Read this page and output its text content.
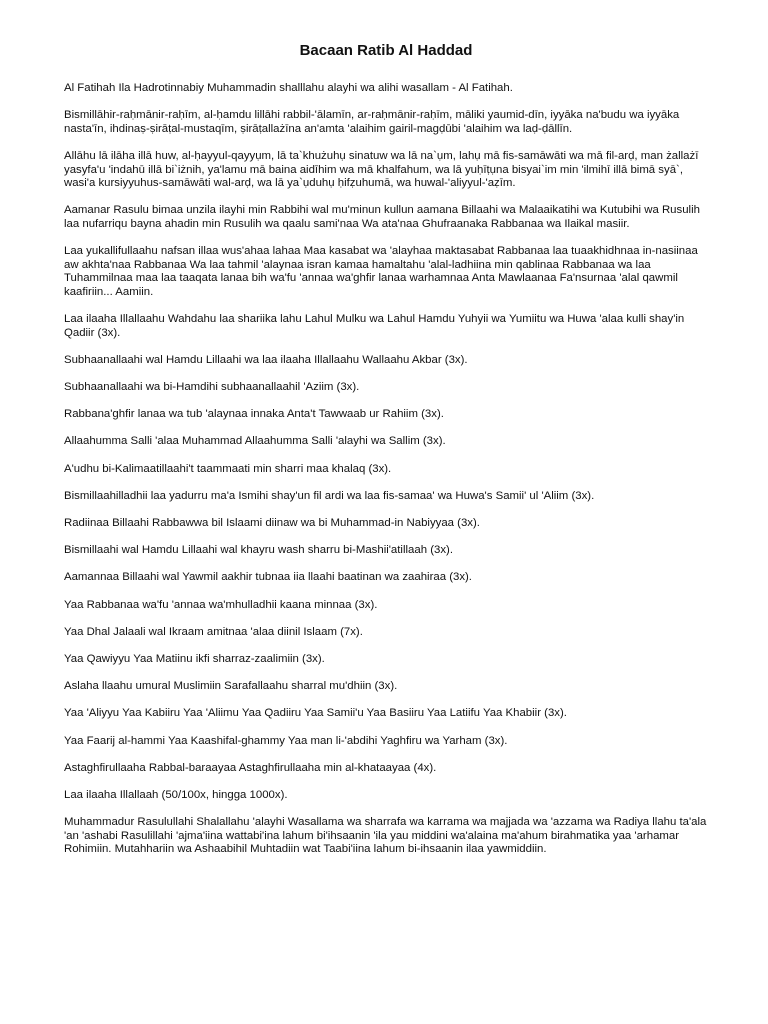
Bacaan Ratib Al Haddad

Al Fatihah Ila Hadrotinnabiy Muhammadin shalllahu alayhi wa alihi wasallam - Al Fatihah.

Bismillāhir-raḥmānir-raḥīm, al-ḥamdu lillāhi rabbil-'ālamīn, ar-raḥmānir-raḥīm, māliki yaumid-dīn, iyyāka na'budu wa iyyāka nasta'īn, ihdinaṣ-ṣirāṭal-mustaqīm, ṣirāṭallażīna an'amta 'alaihim gairil-magḍūbi 'alaihim wa laḍ-ḍāllīn.

Allāhu lā ilāha illā huw, al-ḥayyul-qayyụm, lā ta`khużuhụ sinatuw wa lā na`ụm, lahụ mā fis-samāwāti wa mā fil-arḍ, man żallażī yasyfa'u 'indahū illā bi`iżnih, ya'lamu mā baina aidīhim wa mā khalfahum, wa lā yuḥīṭụna bisyai`im min 'ilmihī illā bimā syā`, wasi'a kursiyyuhus-samāwāti wal-arḍ, wa lā ya`ụduhụ ḥifẓuhumā, wa huwal-'aliyyul-'aẓīm.

Aamanar Rasulu bimaa unzila ilayhi min Rabbihi wal mu'minun kullun aamana Billaahi wa Malaaikatihi wa Kutubihi wa Rusulih laa nufarriqu bayna ahadin min Rusulih wa qaalu sami'naa Wa ata'naa Ghufraanaka Rabbanaa wa Ilaikal masiir.

Laa yukallifullaahu nafsan illaa wus'ahaa lahaa Maa kasabat wa 'alayhaa maktasabat Rabbanaa laa tuaakhidhnaa in-nasiinaa aw akhta'naa Rabbanaa Wa laa tahmil 'alaynaa isran kamaa hamaltahu 'alal-ladhiina min qablinaa Rabbanaa wa laa Tuhammilnaa maa laa taaqata lanaa bih wa'fu 'annaa wa'ghfir lanaa warhamnaa Anta Mawlaanaa Fa'nsurnaa 'alal qawmil kaafiriin... Aamiin.

Laa ilaaha Illallaahu Wahdahu laa shariika lahu Lahul Mulku wa Lahul Hamdu Yuhyii wa Yumiitu wa Huwa 'alaa kulli shay'in Qadiir (3x).

Subhaanallaahi wal Hamdu Lillaahi wa laa ilaaha Illallaahu Wallaahu Akbar (3x).

Subhaanallaahi wa bi-Hamdihi subhaanallaahil 'Aziim (3x).

Rabbana'ghfir lanaa wa tub 'alaynaa innaka Anta't Tawwaab ur Rahiim (3x).

Allaahumma Salli 'alaa Muhammad Allaahumma Salli 'alayhi wa Sallim (3x).

A'udhu bi-Kalimaatillaahi't taammaati min sharri maa khalaq (3x).

Bismillaahilladhii laa yadurru ma'a Ismihi shay'un fil ardi wa laa fis-samaa' wa Huwa's Samii' ul 'Aliim (3x).

Radiinaa Billaahi Rabbawwa bil Islaami diinaw wa bi Muhammad-in Nabiyyaa (3x).

Bismillaahi wal Hamdu Lillaahi wal khayru wash sharru bi-Mashii'atillaah (3x).

Aamannaa Billaahi wal Yawmil aakhir tubnaa iia llaahi baatinan wa zaahiraa (3x).

Yaa Rabbanaa wa'fu 'annaa wa'mhulladhii kaana minnaa (3x).

Yaa Dhal Jalaali wal Ikraam amitnaa 'alaa diinil Islaam (7x).

Yaa Qawiyyu Yaa Matiinu ikfi sharraz-zaalimiin (3x).

Aslaha llaahu umural Muslimiin Sarafallaahu sharral mu'dhiin (3x).

Yaa 'Aliyyu Yaa Kabiiru Yaa 'Aliimu Yaa Qadiiru Yaa Samii'u Yaa Basiiru Yaa Latiifu Yaa Khabiir (3x).

Yaa Faarij al-hammi Yaa Kaashifal-ghammy Yaa man li-'abdihi Yaghfiru wa Yarham (3x).

Astaghfirullaaha Rabbal-baraayaa Astaghfirullaaha min al-khataayaa (4x).

Laa ilaaha Illallaah (50/100x, hingga 1000x).

Muhammadur Rasulullahi Shalallahu 'alayhi Wasallama wa sharrafa wa karrama wa majjada wa 'azzama wa Radiya llahu ta'ala 'an 'ashabi Rasulillahi 'ajma'iina wattabi'ina lahum bi'ihsaanin 'ila yau middini wa'alaina ma'ahum birahmatika yaa 'arhamar Rohimiin. Mutahhariin wa Ashaabihil Muhtadiin wat Taabi'iina lahum bi-ihsaanin ilaa yawmiddiin.
